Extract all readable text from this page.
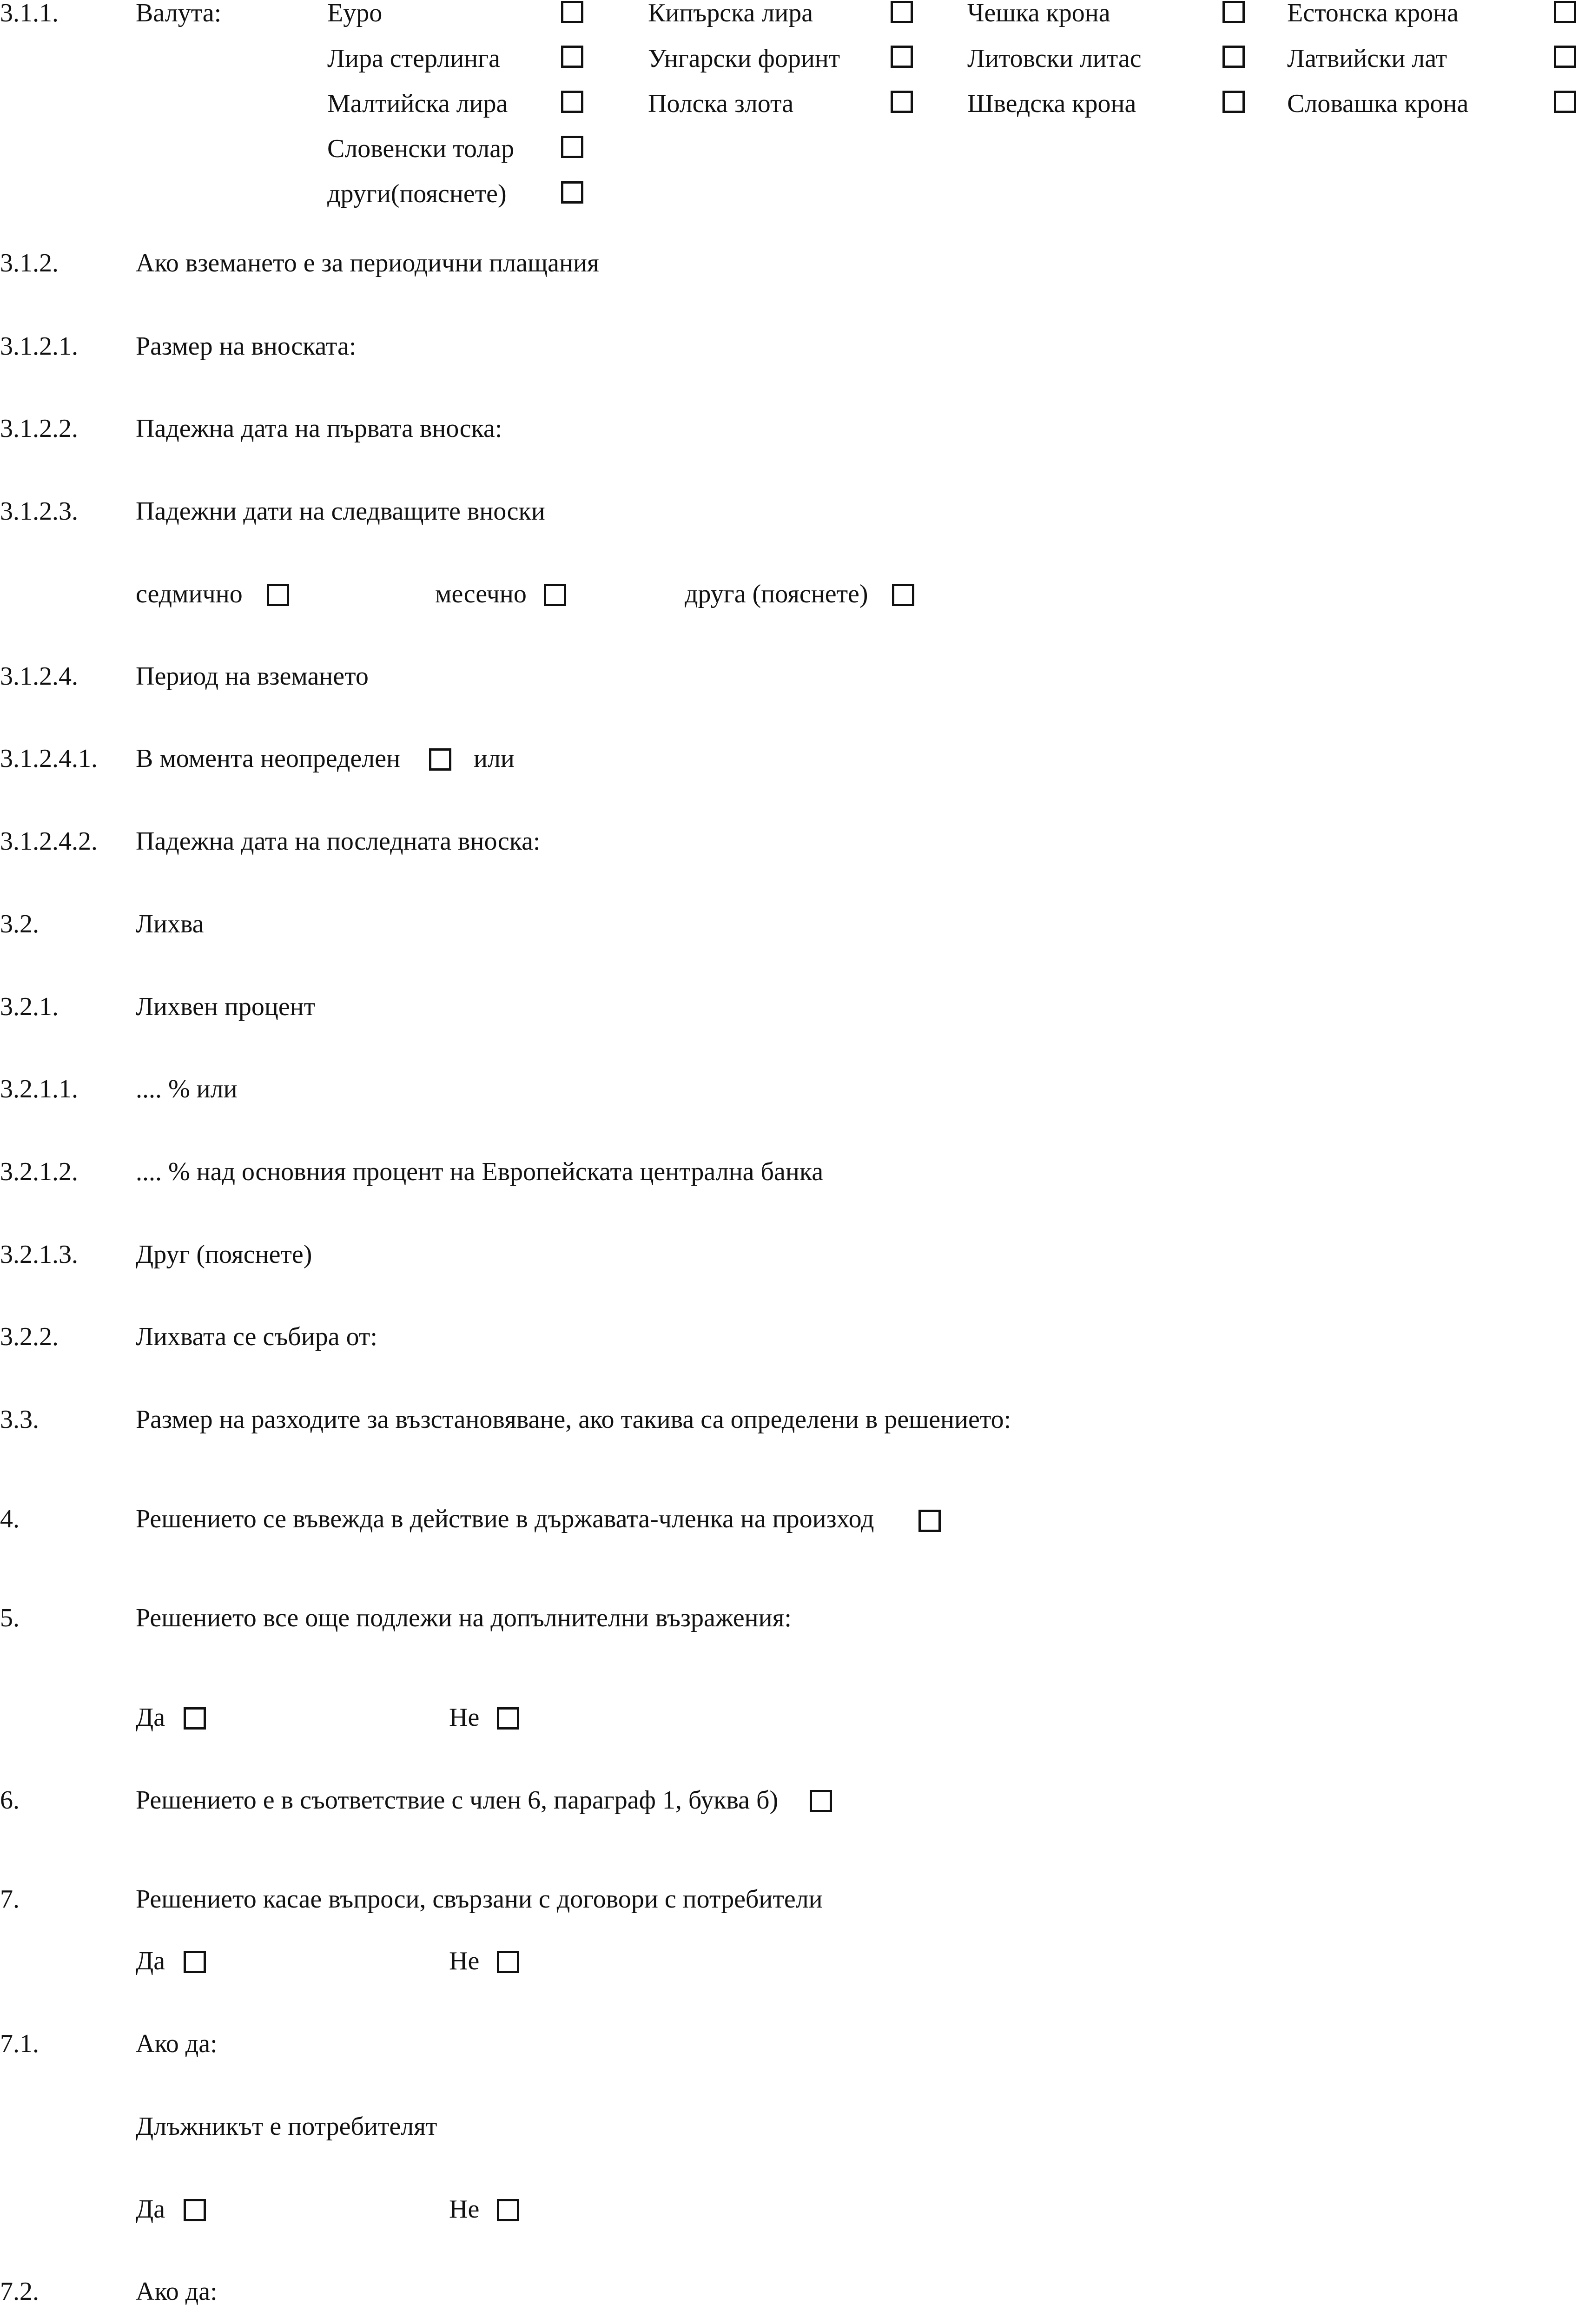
3.1.1.	Валута:	Еуро	Кипърска лира	Чешка крона	Естонска крона
Лира стерлинга	Унгарски форинт	Литовски литас	Латвийски лат
Малтийска лира	Полска злота	Шведска крона	Словашка крона
Словенски толар
други(пояснете)
3.1.2.	Ако вземането е за периодични плащания
3.1.2.1. Размер на вноската:
3.1.2.2. Падежна дата на първата вноска:
3.1.2.3. Падежни дати на следващите вноски
седмично	месечно	друга (пояснете)
3.1.2.4. Период на вземането
3.1.2.4.1. В момента неопределен	или
3.1.2.4.2. Падежна дата на последната вноска:
3.2.	Лихва
3.2.1.	Лихвен процент
3.2.1.1. .... % или
3.2.1.2. .... % над основния процент на Европейската централна банка
3.2.1.3. Друг (пояснете)
3.2.2.	Лихвата се събира от:
3.3.	Размер на разходите за възстановяване, ако такива са определени в решението:
4.	Решението се въвежда в действие в държавата-членка на произход
5.	Решението все още подлежи на допълнителни възражения:
Да	Не
6.	Решението е в съответствие с член 6, параграф 1, буква б)
7.	Решението касае въпроси, свързани с договори с потребители
Да	Не
7.1.	Ако да:
Длъжникът е потребителят
Да	Не
7.2.	Ако да:
